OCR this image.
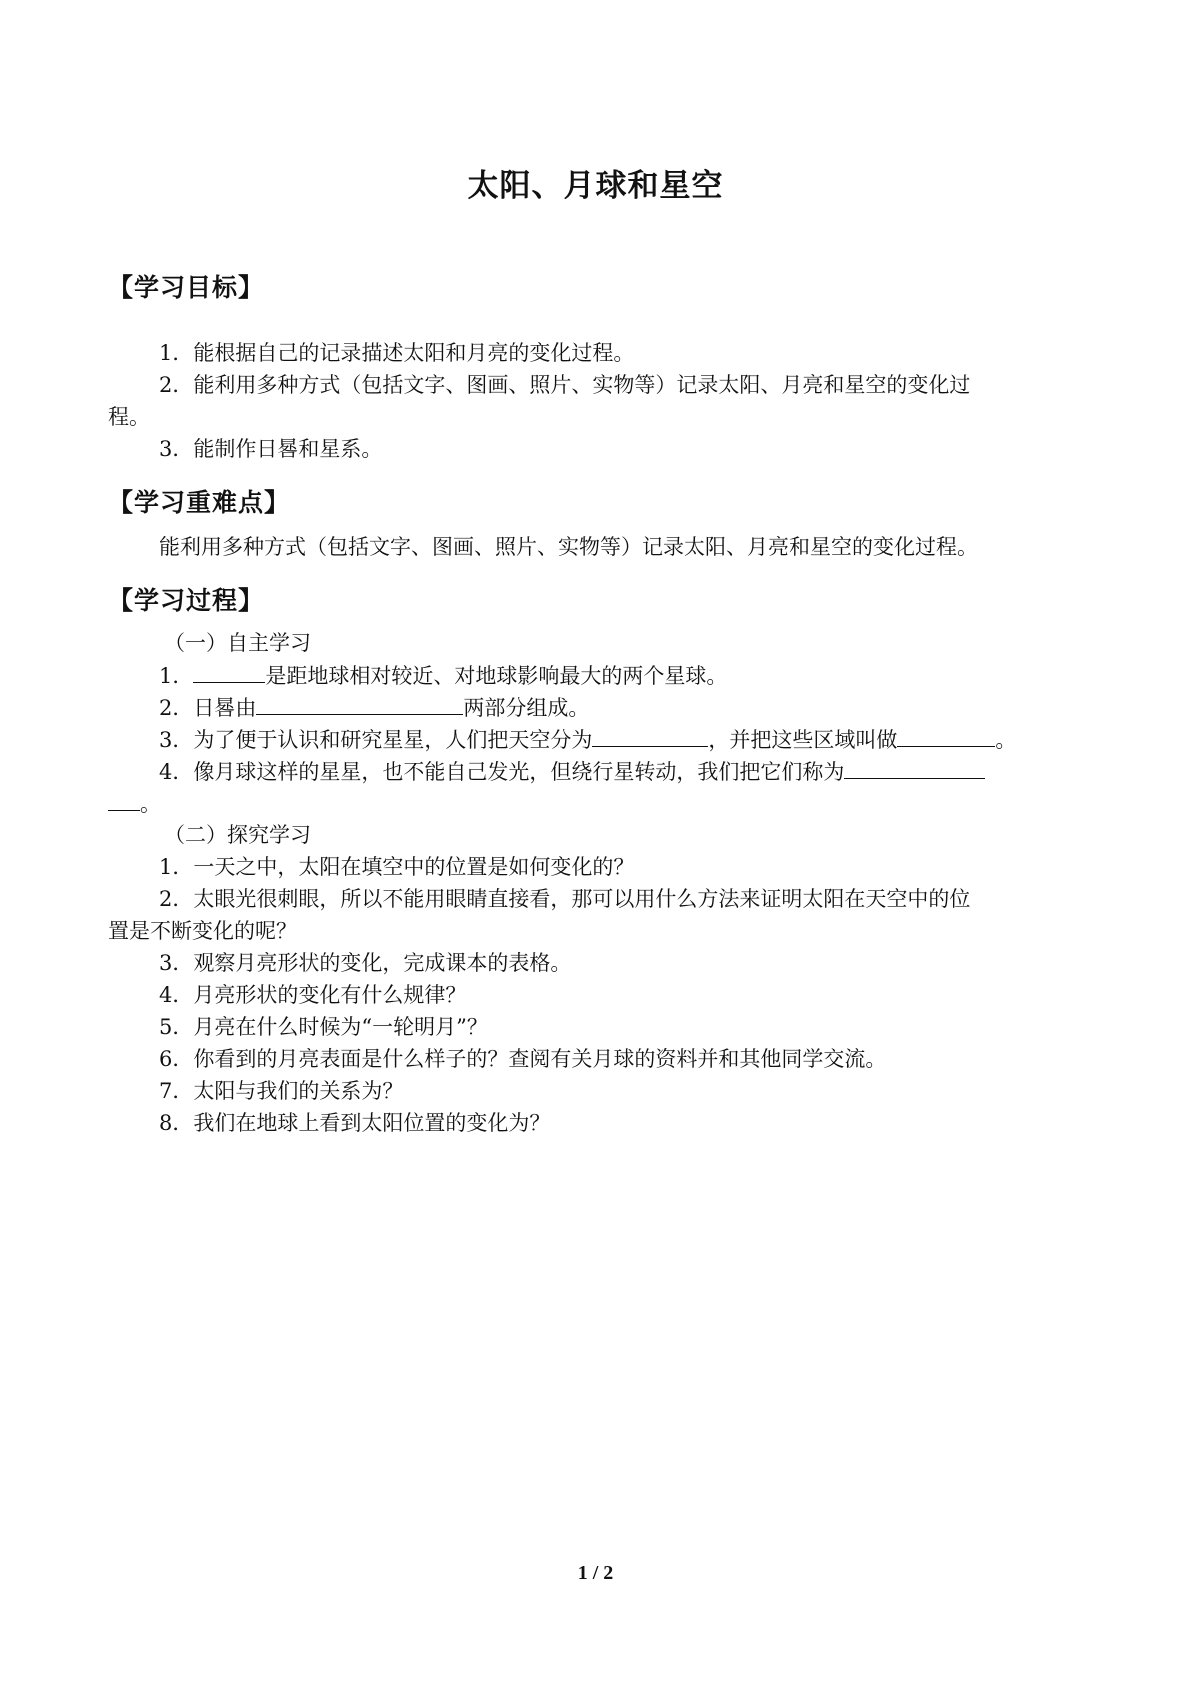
太阳、月球和星空
【学习目标】
1．能根据自己的记录描述太阳和月亮的变化过程。
2．能利用多种方式（包括文字、图画、照片、实物等）记录太阳、月亮和星空的变化过
程。
3．能制作日晷和星系。
【学习重难点】
能利用多种方式（包括文字、图画、照片、实物等）记录太阳、月亮和星空的变化过程。
【学习过程】
（一）自主学习
1．	是距地球相对较近、对地球影响最大的两个星球。
2．日晷由	两部分组成。
3．为了便于认识和研究星星，人们把天空分为	，并把这些区域叫做	。
4．像月球这样的星星，也不能自己发光，但绕行星转动，我们把它们称为
。
（二）探究学习
1．一天之中，太阳在填空中的位置是如何变化的？
2．太眼光很刺眼，所以不能用眼睛直接看，那可以用什么方法来证明太阳在天空中的位
置是不断变化的呢？
3．观察月亮形状的变化，完成课本的表格。
4．月亮形状的变化有什么规律？
5．月亮在什么时候为“一轮明月”？
6．你看到的月亮表面是什么样子的？查阅有关月球的资料并和其他同学交流。
7．太阳与我们的关系为？
8．我们在地球上看到太阳位置的变化为？
1 / 2
